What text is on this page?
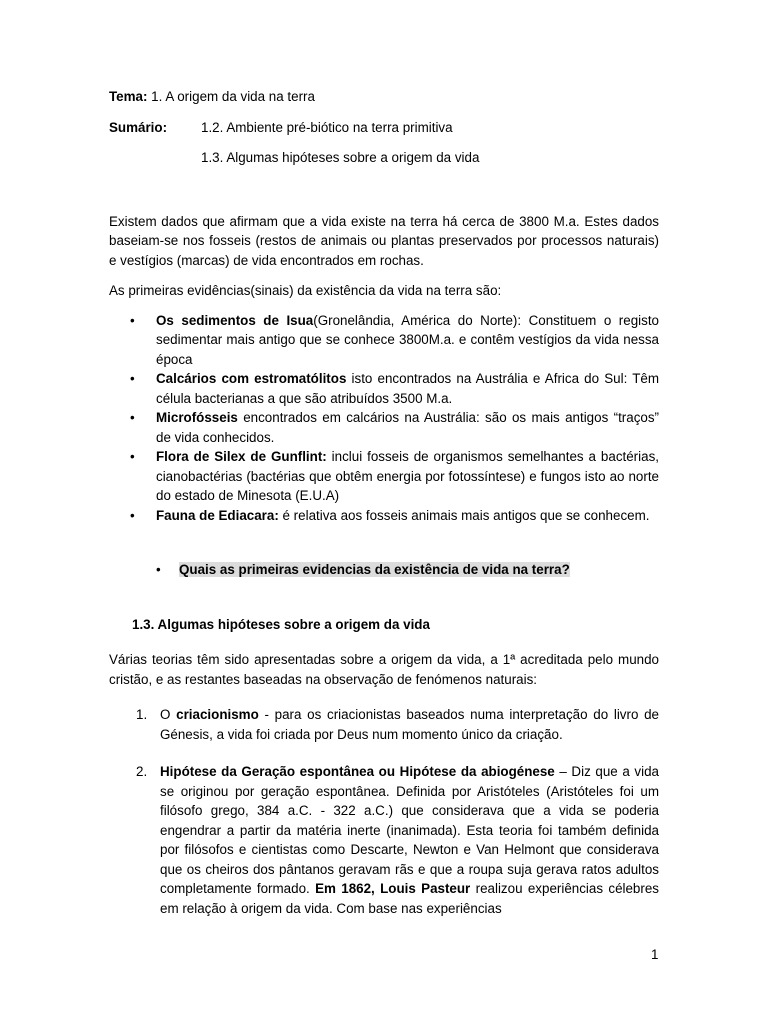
Tema: 1. A origem da vida na terra

Sumário:	1.2. Ambiente pré-biótico na terra primitiva

1.3. Algumas hipóteses sobre a origem da vida

Existem dados que afirmam que a vida existe na terra há cerca de 3800 M.a. Estes dados baseiam-se nos fosseis (restos de animais ou plantas preservados por processos naturais) e vestígios (marcas) de vida encontrados em rochas.

As primeiras evidências(sinais) da existência da vida na terra são:

• Os sedimentos de Isua(Gronelândia, América do Norte): Constituem o registo sedimentar mais antigo que se conhece 3800M.a. e contêm vestígios da vida nessa época
• Calcários com estromatólitos isto encontrados na Austrália e Africa do Sul: Têm célula bacterianas a que são atribuídos 3500 M.a.
• Microfósseis encontrados em calcários na Austrália: são os mais antigos “traços” de vida conhecidos.
• Flora de Silex de Gunflint: inclui fosseis de organismos semelhantes a bactérias, cianobactérias (bactérias que obtêm energia por fotossíntese) e fungos isto ao norte do estado de Minesota (E.U.A)
• Fauna de Ediacara: é relativa aos fosseis animais mais antigos que se conhecem.
• Quais as primeiras evidencias da existência de vida na terra?

1.3. Algumas hipóteses sobre a origem da vida

Várias teorias têm sido apresentadas sobre a origem da vida, a 1ª acreditada pelo mundo cristão, e as restantes baseadas na observação de fenómenos naturais:

1. O criacionismo - para os criacionistas baseados numa interpretação do livro de Génesis, a vida foi criada por Deus num momento único da criação.
2. Hipótese da Geração espontânea ou Hipótese da abiogénese – Diz que a vida se originou por geração espontânea. Definida por Aristóteles (Aristóteles foi um filósofo grego, 384 a.C. - 322 a.C.) que considerava que a vida se poderia engendrar a partir da matéria inerte (inanimada). Esta teoria foi também definida por filósofos e cientistas como Descarte, Newton e Van Helmont que considerava que os cheiros dos pântanos geravam rãs e que a roupa suja gerava ratos adultos completamente formado. Em 1862, Louis Pasteur realizou experiências célebres em relação à origem da vida. Com base nas experiências
1
